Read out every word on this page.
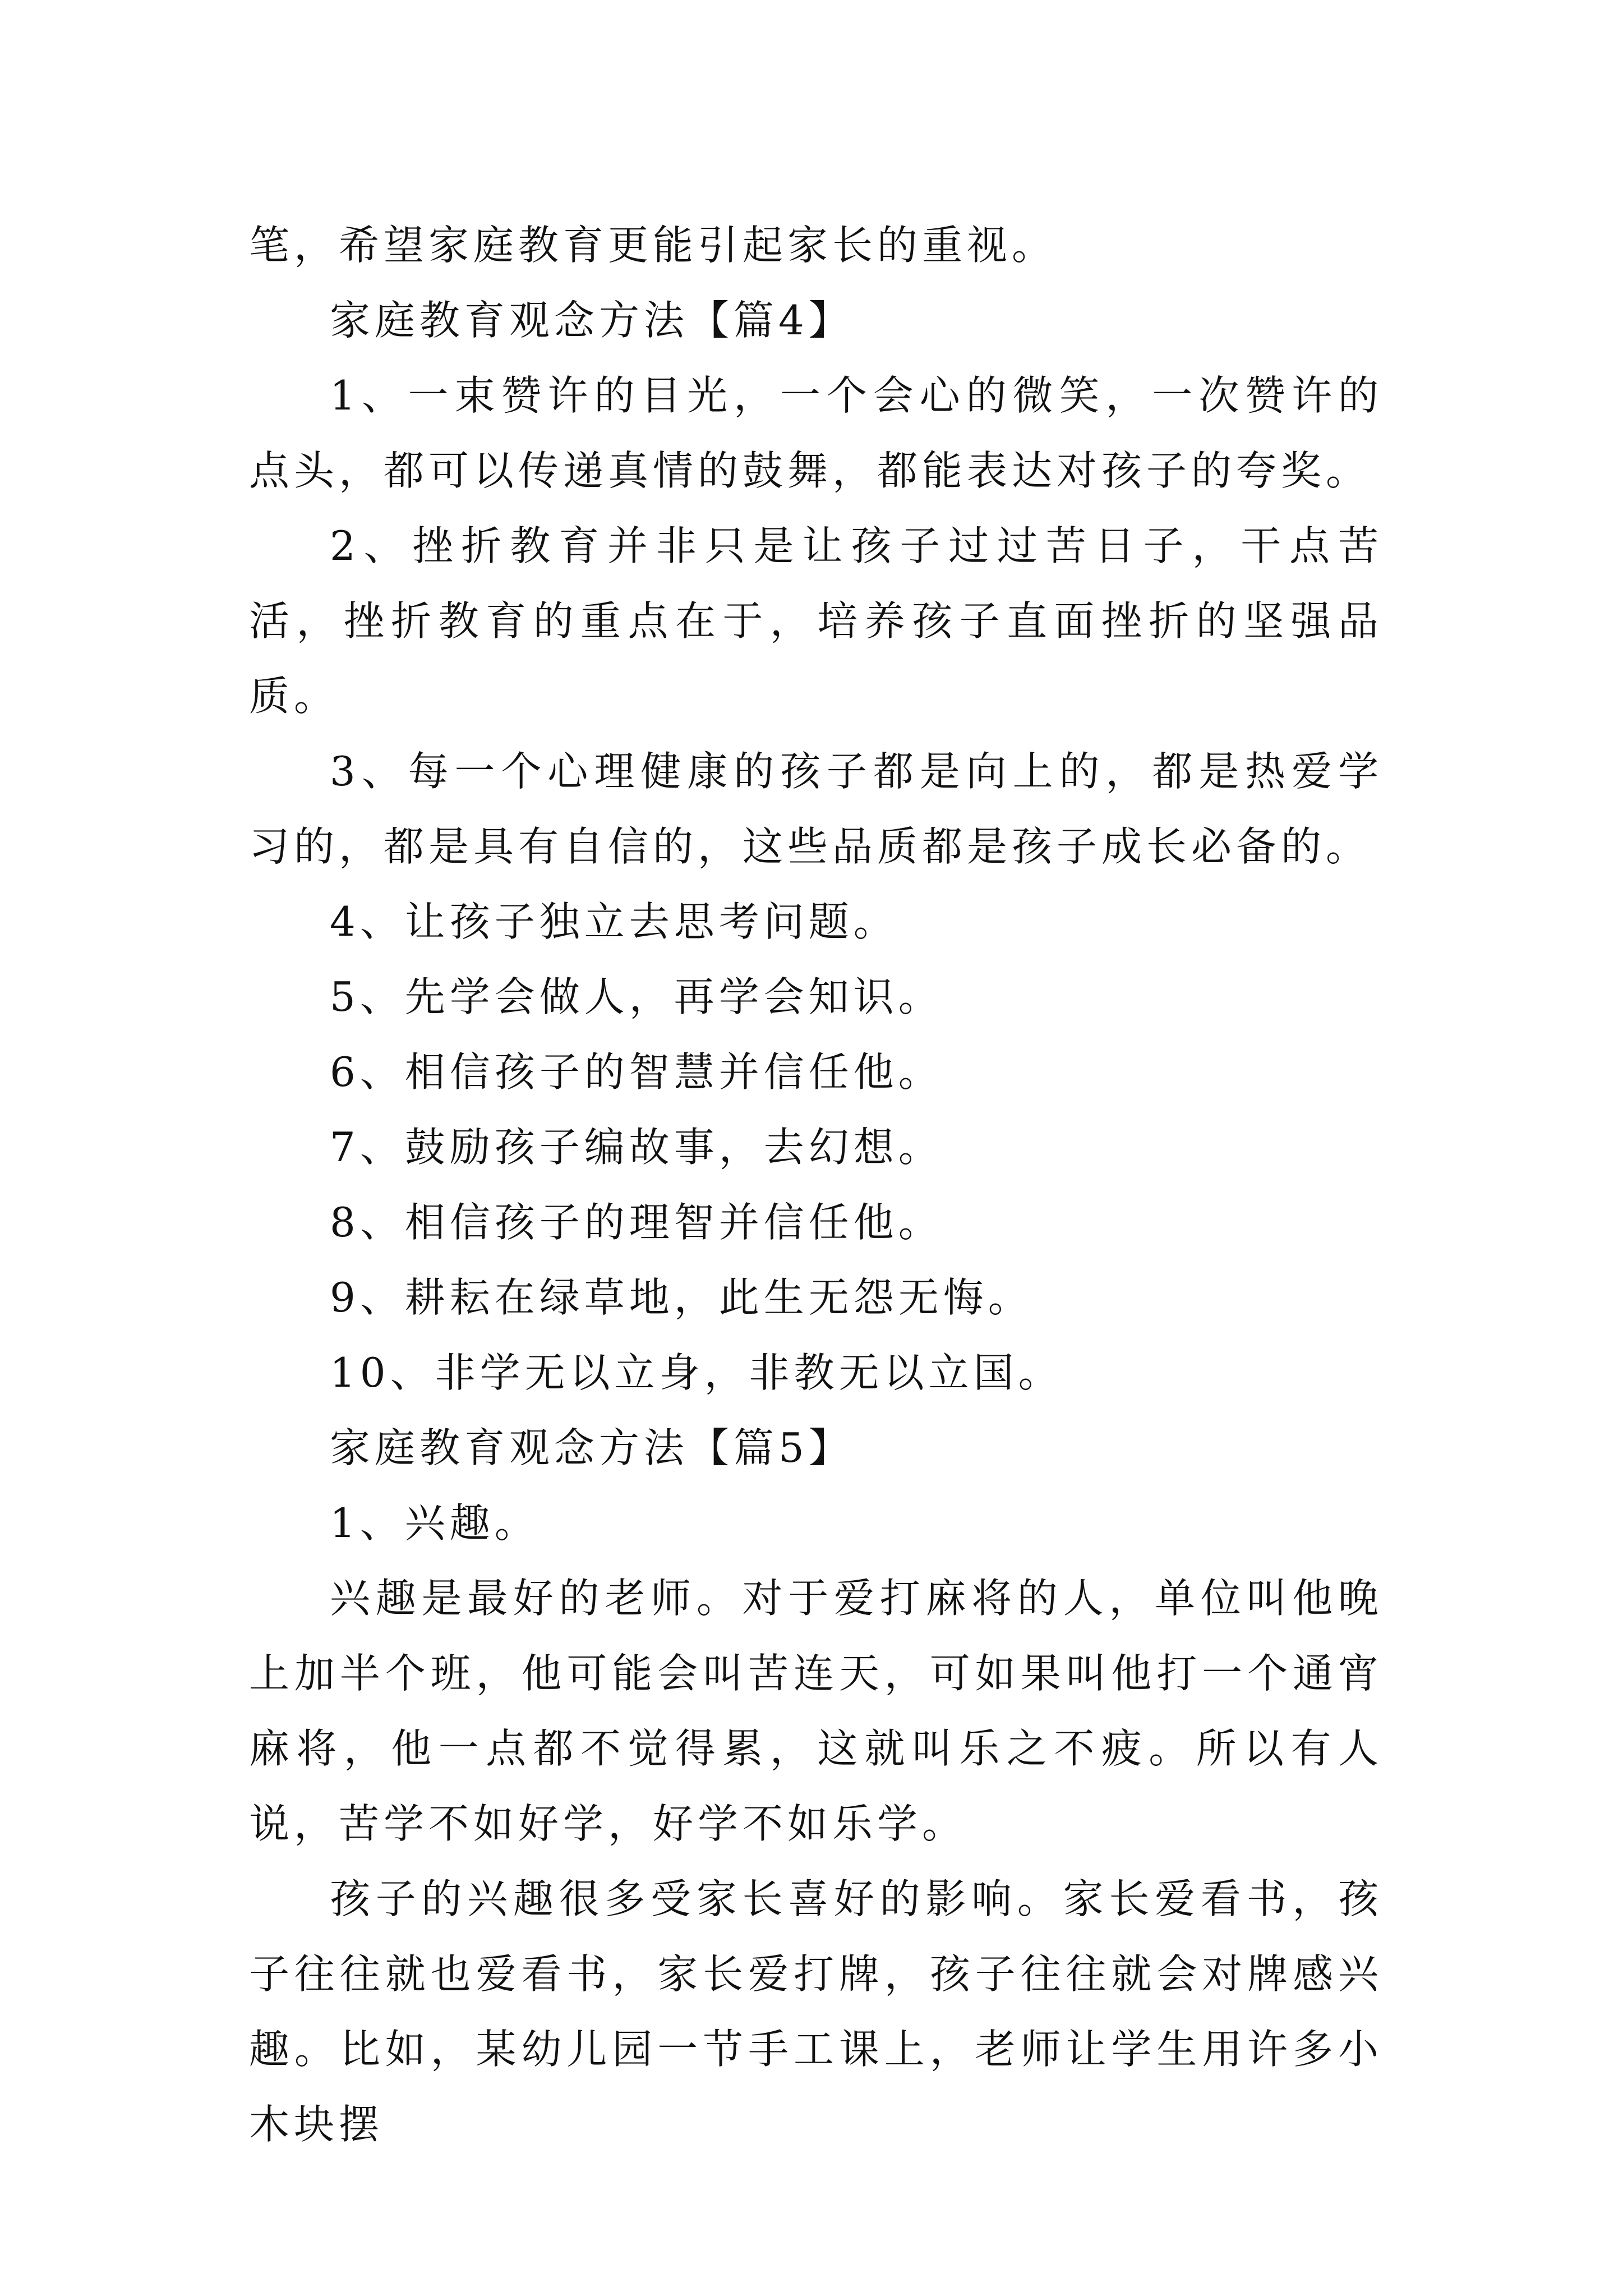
笔，希望家庭教育更能引起家长的重视。

家庭教育观念方法【篇4】

1、一束赞许的目光，一个会心的微笑，一次赞许的点头，都可以传递真情的鼓舞，都能表达对孩子的夸奖。

2、挫折教育并非只是让孩子过过苦日子，干点苦活，挫折教育的重点在于，培养孩子直面挫折的坚强品质。

3、每一个心理健康的孩子都是向上的，都是热爱学习的，都是具有自信的，这些品质都是孩子成长必备的。

4、让孩子独立去思考问题。

5、先学会做人，再学会知识。

6、相信孩子的智慧并信任他。

7、鼓励孩子编故事，去幻想。

8、相信孩子的理智并信任他。

9、耕耘在绿草地，此生无怨无悔。

10、非学无以立身，非教无以立国。

家庭教育观念方法【篇5】

1、兴趣。

兴趣是最好的老师。对于爱打麻将的人，单位叫他晚上加半个班，他可能会叫苦连天，可如果叫他打一个通宵麻将，他一点都不觉得累，这就叫乐之不疲。所以有人说，苦学不如好学，好学不如乐学。

孩子的兴趣很多受家长喜好的影响。家长爱看书，孩子往往就也爱看书，家长爱打牌，孩子往往就会对牌感兴趣。比如，某幼儿园一节手工课上，老师让学生用许多小木块摆
